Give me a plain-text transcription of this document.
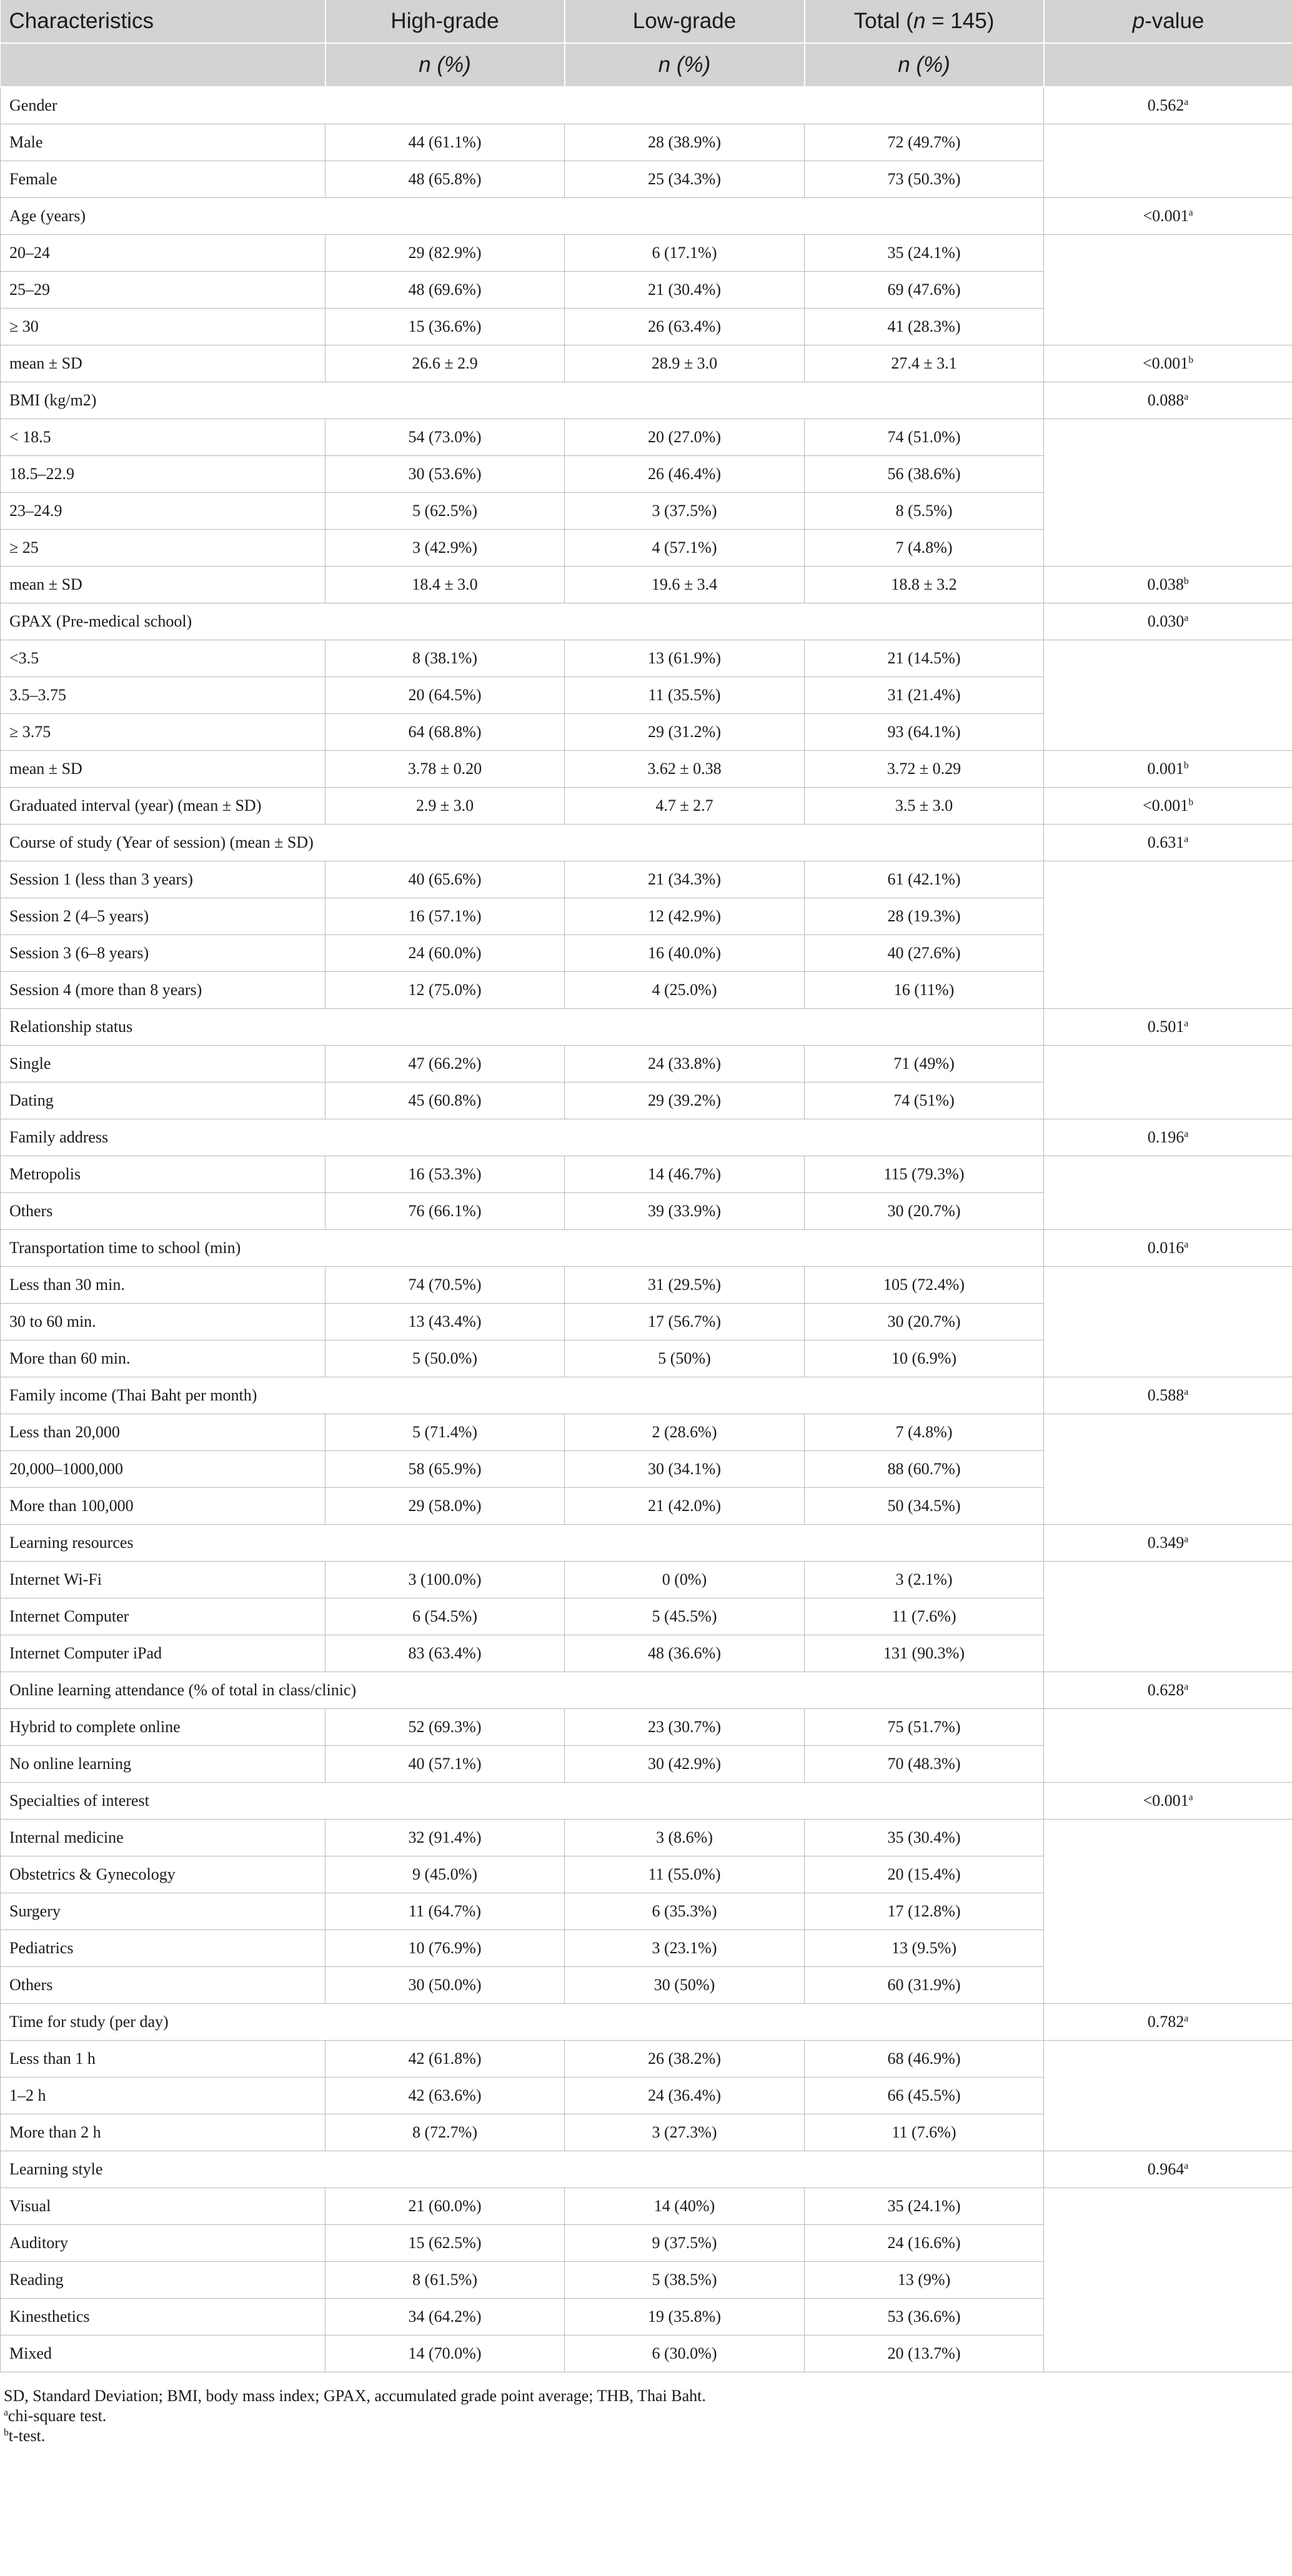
Characteristics	High-grade	Low-grade	Total (n = 145)	p-value
	n (%)	n (%)	n (%)	
Gender				0.562$^a$
Male	44 (61.1%)	28 (38.9%)	72 (49.7%)	
Female	48 (65.8%)	25 (34.3%)	73 (50.3%)	
Age (years)				<0.001$^a$
20–24	29 (82.9%)	6 (17.1%)	35 (24.1%)	
25–29	48 (69.6%)	21 (30.4%)	69 (47.6%)	
≥ 30	15 (36.6%)	26 (63.4%)	41 (28.3%)	
mean ± SD	26.6 ± 2.9	28.9 ± 3.0	27.4 ± 3.1	<0.001$^b$
BMI (kg/m2)				0.088$^a$
< 18.5	54 (73.0%)	20 (27.0%)	74 (51.0%)	
18.5–22.9	30 (53.6%)	26 (46.4%)	56 (38.6%)	
23–24.9	5 (62.5%)	3 (37.5%)	8 (5.5%)	
≥ 25	3 (42.9%)	4 (57.1%)	7 (4.8%)	
mean ± SD	18.4 ± 3.0	19.6 ± 3.4	18.8 ± 3.2	0.038$^b$
GPAX (Pre-medical school)				0.030$^a$
<3.5	8 (38.1%)	13 (61.9%)	21 (14.5%)	
3.5–3.75	20 (64.5%)	11 (35.5%)	31 (21.4%)	
≥ 3.75	64 (68.8%)	29 (31.2%)	93 (64.1%)	
mean ± SD	3.78 ± 0.20	3.62 ± 0.38	3.72 ± 0.29	0.001$^b$
Graduated interval (year) (mean ± SD)	2.9 ± 3.0	4.7 ± 2.7	3.5 ± 3.0	<0.001$^b$
Course of study (Year of session) (mean ± SD)				0.631$^a$
Session 1 (less than 3 years)	40 (65.6%)	21 (34.3%)	61 (42.1%)	
Session 2 (4–5 years)	16 (57.1%)	12 (42.9%)	28 (19.3%)	
Session 3 (6–8 years)	24 (60.0%)	16 (40.0%)	40 (27.6%)	
Session 4 (more than 8 years)	12 (75.0%)	4 (25.0%)	16 (11%)	
Relationship status				0.501$^a$
Single	47 (66.2%)	24 (33.8%)	71 (49%)	
Dating	45 (60.8%)	29 (39.2%)	74 (51%)	
Family address				0.196$^a$
Metropolis	16 (53.3%)	14 (46.7%)	115 (79.3%)	
Others	76 (66.1%)	39 (33.9%)	30 (20.7%)	
Transportation time to school (min)				0.016$^a$
Less than 30 min.	74 (70.5%)	31 (29.5%)	105 (72.4%)	
30 to 60 min.	13 (43.4%)	17 (56.7%)	30 (20.7%)	
More than 60 min.	5 (50.0%)	5 (50%)	10 (6.9%)	
Family income (Thai Baht per month)				0.588$^a$
Less than 20,000	5 (71.4%)	2 (28.6%)	7 (4.8%)	
20,000–1000,000	58 (65.9%)	30 (34.1%)	88 (60.7%)	
More than 100,000	29 (58.0%)	21 (42.0%)	50 (34.5%)	
Learning resources				0.349$^a$
Internet Wi-Fi	3 (100.0%)	0 (0%)	3 (2.1%)	
Internet Computer	6 (54.5%)	5 (45.5%)	11 (7.6%)	
Internet Computer iPad	83 (63.4%)	48 (36.6%)	131 (90.3%)	
Online learning attendance (% of total in class/clinic)				0.628$^a$
Hybrid to complete online	52 (69.3%)	23 (30.7%)	75 (51.7%)	
No online learning	40 (57.1%)	30 (42.9%)	70 (48.3%)	
Specialties of interest				<0.001$^a$
Internal medicine	32 (91.4%)	3 (8.6%)	35 (30.4%)	
Obstetrics & Gynecology	9 (45.0%)	11 (55.0%)	20 (15.4%)	
Surgery	11 (64.7%)	6 (35.3%)	17 (12.8%)	
Pediatrics	10 (76.9%)	3 (23.1%)	13 (9.5%)	
Others	30 (50.0%)	30 (50%)	60 (31.9%)	
Time for study (per day)				0.782$^a$
Less than 1 h	42 (61.8%)	26 (38.2%)	68 (46.9%)	
1–2 h	42 (63.6%)	24 (36.4%)	66 (45.5%)	
More than 2 h	8 (72.7%)	3 (27.3%)	11 (7.6%)	
Learning style				0.964$^a$
Visual	21 (60.0%)	14 (40%)	35 (24.1%)	
Auditory	15 (62.5%)	9 (37.5%)	24 (16.6%)	
Reading	8 (61.5%)	5 (38.5%)	13 (9%)	
Kinesthetics	34 (64.2%)	19 (35.8%)	53 (36.6%)	
Mixed	14 (70.0%)	6 (30.0%)	20 (13.7%)	
SD, Standard Deviation; BMI, body mass index; GPAX, accumulated grade point average; THB, Thai Baht.
$^a$chi-square test.
$^b$t-test.
